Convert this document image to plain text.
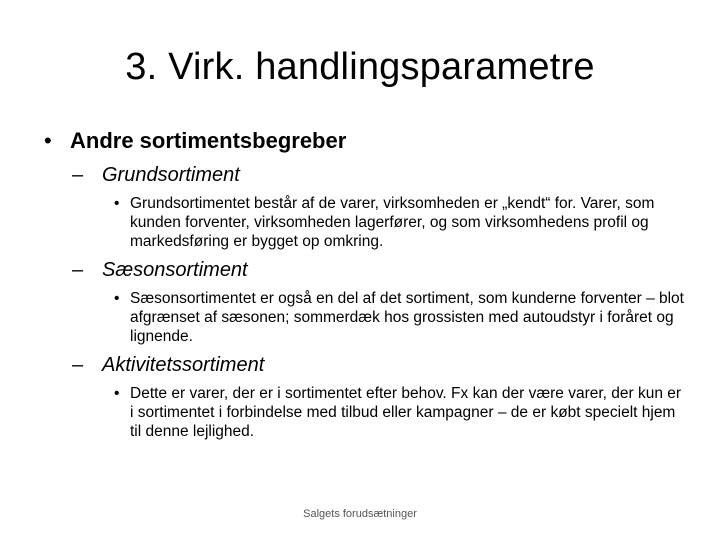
3. Virk. handlingsparametre
• Andre sortimentsbegreber
– Grundsortiment
• Grundsortimentet består af de varer, virksomheden er „kendt“ for. Varer, som kunden forventer, virksomheden lagerfører, og som virksomhedens profil og markedsføring er bygget op omkring.
– Sæsonsortiment
• Sæsonsortimentet er også en del af det sortiment, som kunderne forventer – blot afgrænset af sæsonen; sommerdæk hos grossisten med autoudstyr i foråret og lignende.
– Aktivitetssortiment
• Dette er varer, der er i sortimentet efter behov. Fx kan der være varer, der kun er i sortimentet i forbindelse med tilbud eller kampagner – de er købt specielt hjem til denne lejlighed.
Salgets forudsætninger
